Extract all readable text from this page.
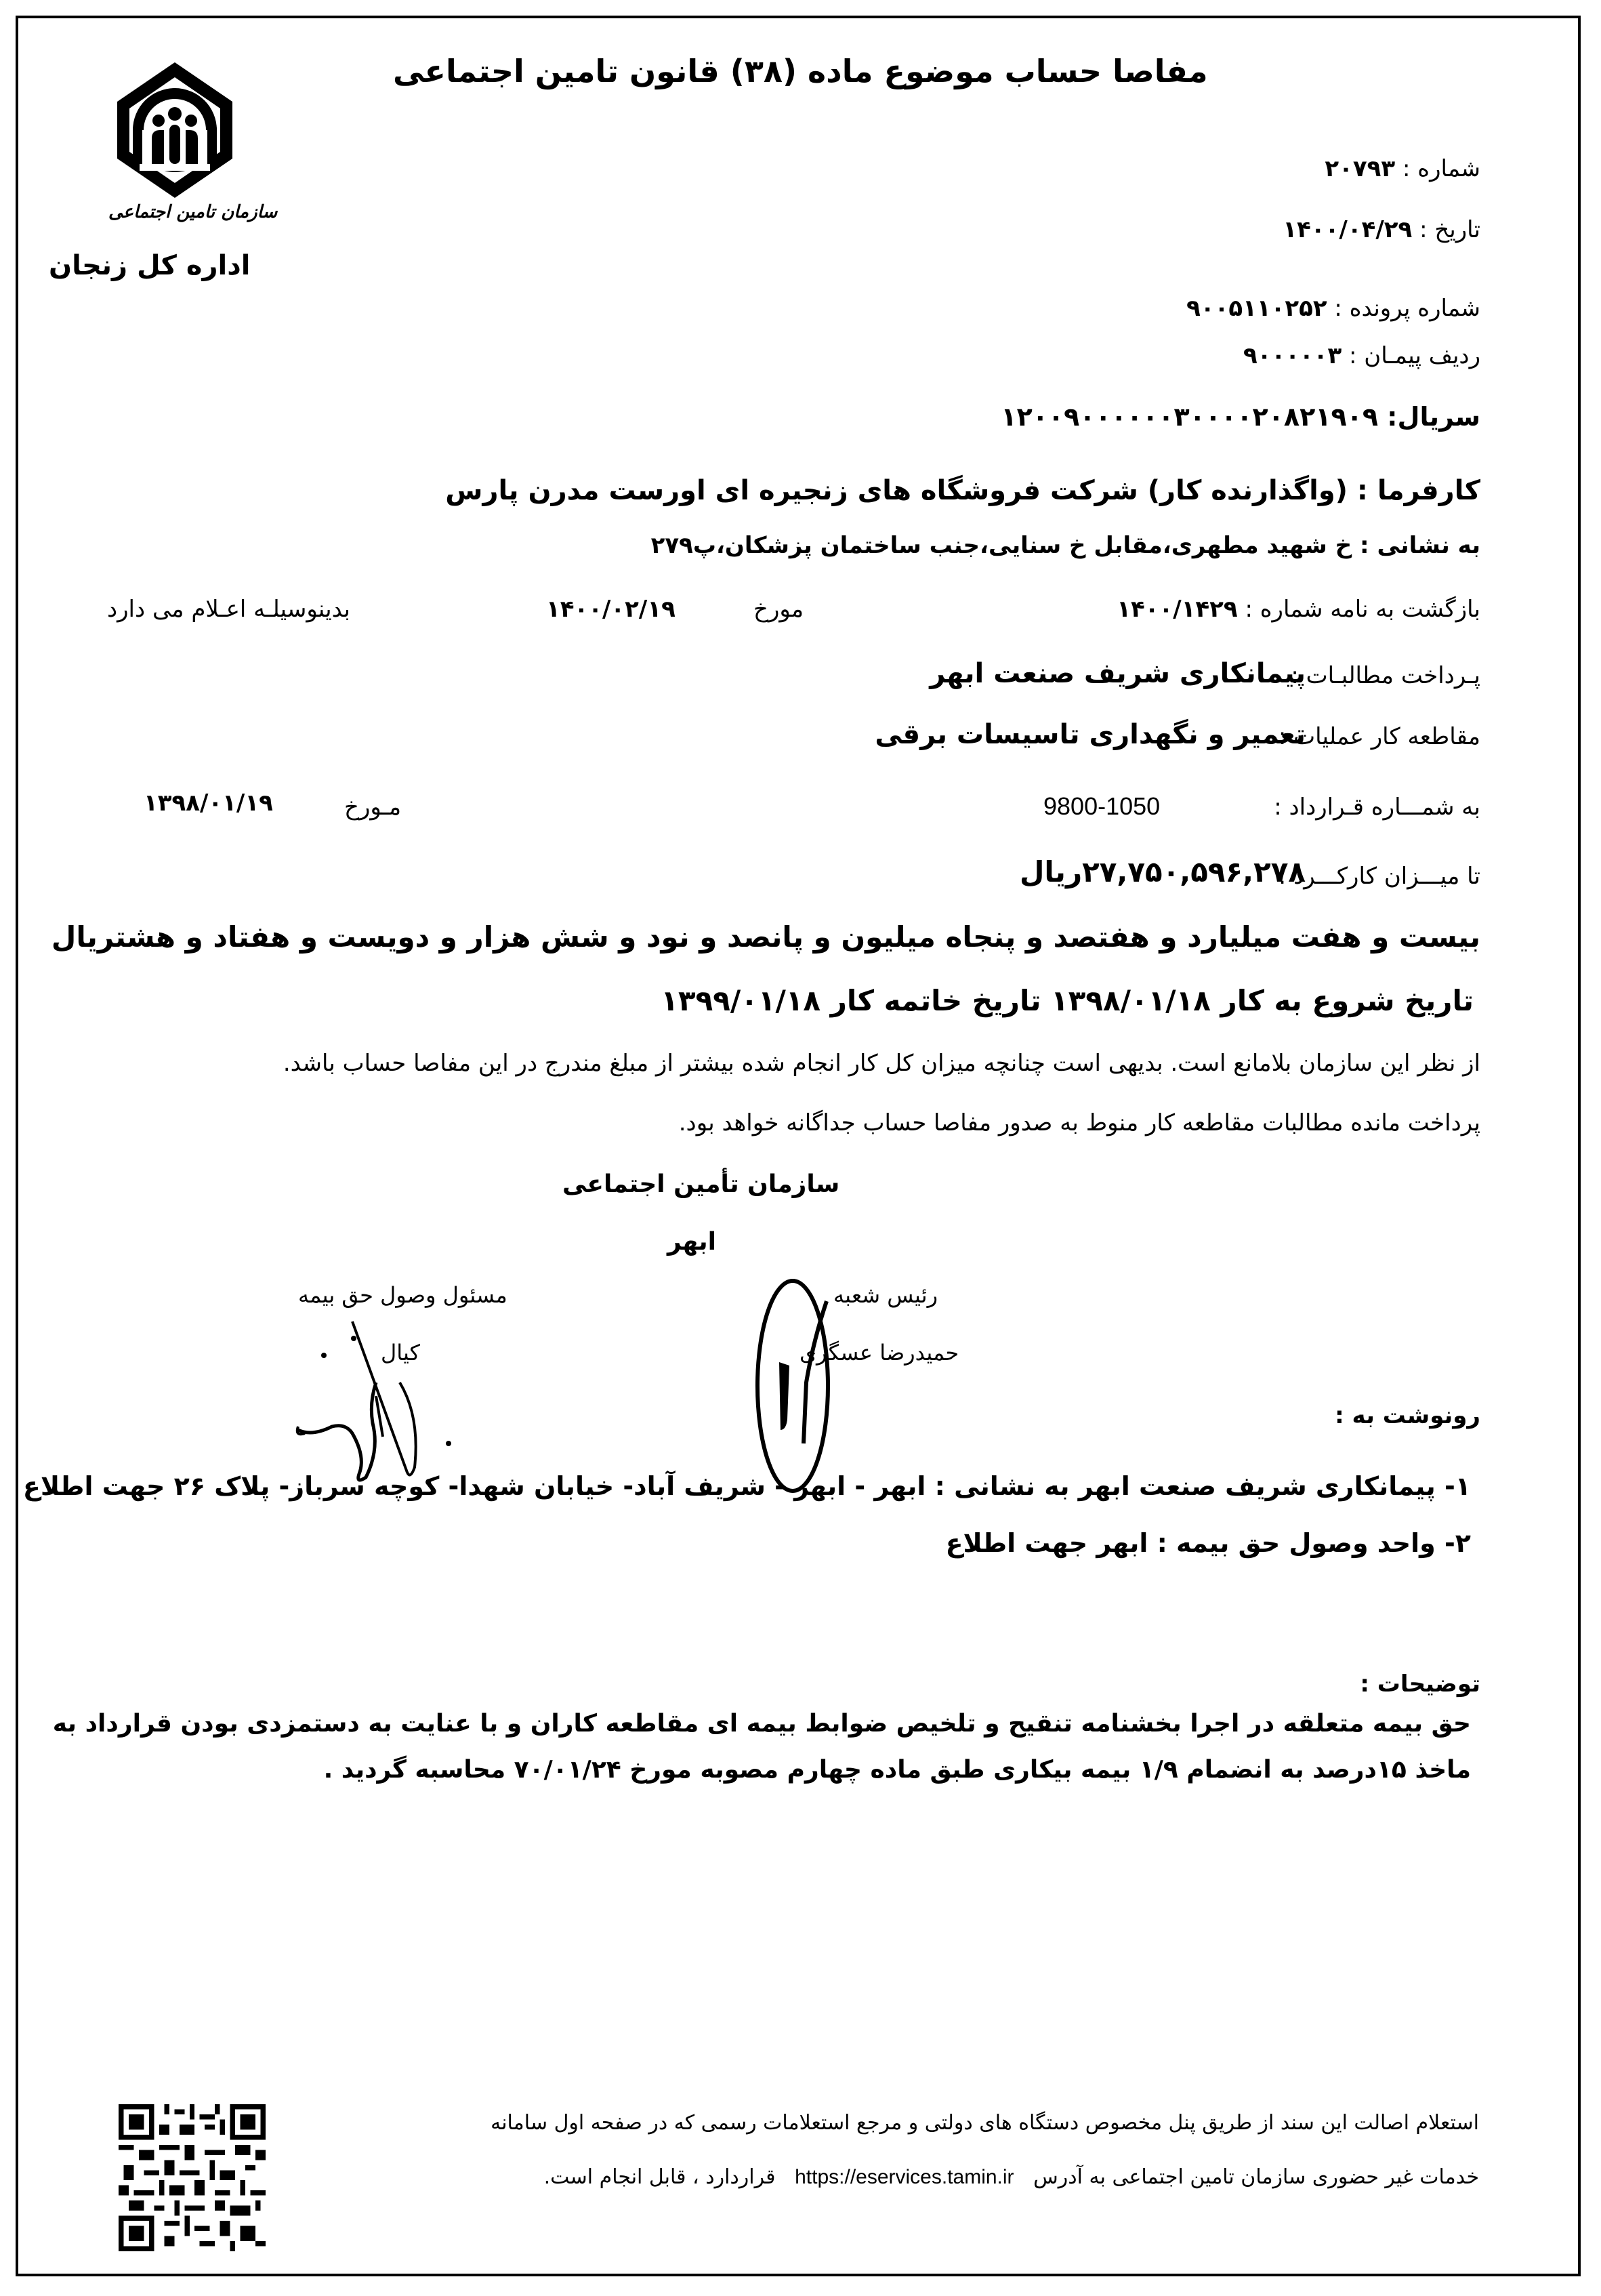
سازمان تامین اجتماعی
اداره کل زنجان
مفاصا حساب موضوع ماده (۳۸) قانون تامین اجتماعی
شماره : ۲۰۷۹۳
تاریخ : ۱۴۰۰/۰۴/۲۹
شماره پرونده : ۹۰۰۵۱۱۰۲۵۲
ردیف پیمـان : ۹۰۰۰۰۰۳
سریال: ۱۲۰۰۹۰۰۰۰۰۰۳۰۰۰۰۲۰۸۲۱۹۰۹
کارفرما : (واگذارنده کار) شرکت فروشگاه های زنجیره ای اورست مدرن پارس
به نشانی : خ شهید مطهری،مقابل خ سنایی،جنب ساختمان پزشکان،پ۲۷۹
بازگشت به نامه شماره : ۱۴۰۰/۱۴۲۹
مورخ
۱۴۰۰/۰۲/۱۹
بدینوسیلـه اعـلام می دارد
پـرداخت مطالبـات :
پیمانکاری شریف صنعت ابهر
مقاطعه کار عملیات :
تعمیر و نگهداری تاسیسات برقی
به شمـــاره قـرارداد :
9800-1050
مـورخ
۱۳۹۸/۰۱/۱۹
تا میـــزان کارکـــرد :
۲۷,۷۵۰,۵۹۶,۲۷۸ریال
بیست و هفت میلیارد و هفتصد و پنجاه میلیون و پانصد و نود و شش هزار و دویست و هفتاد و هشتریال
تاریخ شروع به کار ۱۳۹۸/۰۱/۱۸ تاریخ خاتمه کار ۱۳۹۹/۰۱/۱۸
از نظر این سازمان بلامانع است. بدیهی است چنانچه میزان کل کار انجام شده بیشتر از مبلغ مندرج در این مفاصا حساب باشد.
پرداخت مانده مطالبات مقاطعه کار منوط به صدور مفاصا حساب جداگانه خواهد بود.
سازمان تأمین اجتماعی
ابهر
مسئول وصول حق بیمه
کیال
رئیس شعبه
حمیدرضا عسگری
رونوشت به :
۱- پیمانکاری شریف صنعت ابهر به نشانی : ابهر - ابهر - شریف آباد- خیابان شهدا- کوچه سرباز- پلاک ۲۶ جهت اطلاع
۲- واحد وصول حق بیمه : ابهر جهت اطلاع
توضیحات :
حق بیمه متعلقه در اجرا بخشنامه تنقیح و تلخیص ضوابط بیمه ای مقاطعه کاران و با عنایت به دستمزدی بودن قرارداد به
ماخذ ۱۵درصد به انضمام ۱/۹ بیمه بیکاری طبق ماده چهارم مصوبه مورخ ۷۰/۰۱/۲۴ محاسبه گردید .
استعلام اصالت این سند از طریق پنل مخصوص دستگاه های دولتی و مرجع استعلامات رسمی که در صفحه اول سامانه
خدمات غیر حضوری سازمان تامین اجتماعی به آدرس   https://eservices.tamin.ir   قراردارد ، قابل انجام است.
